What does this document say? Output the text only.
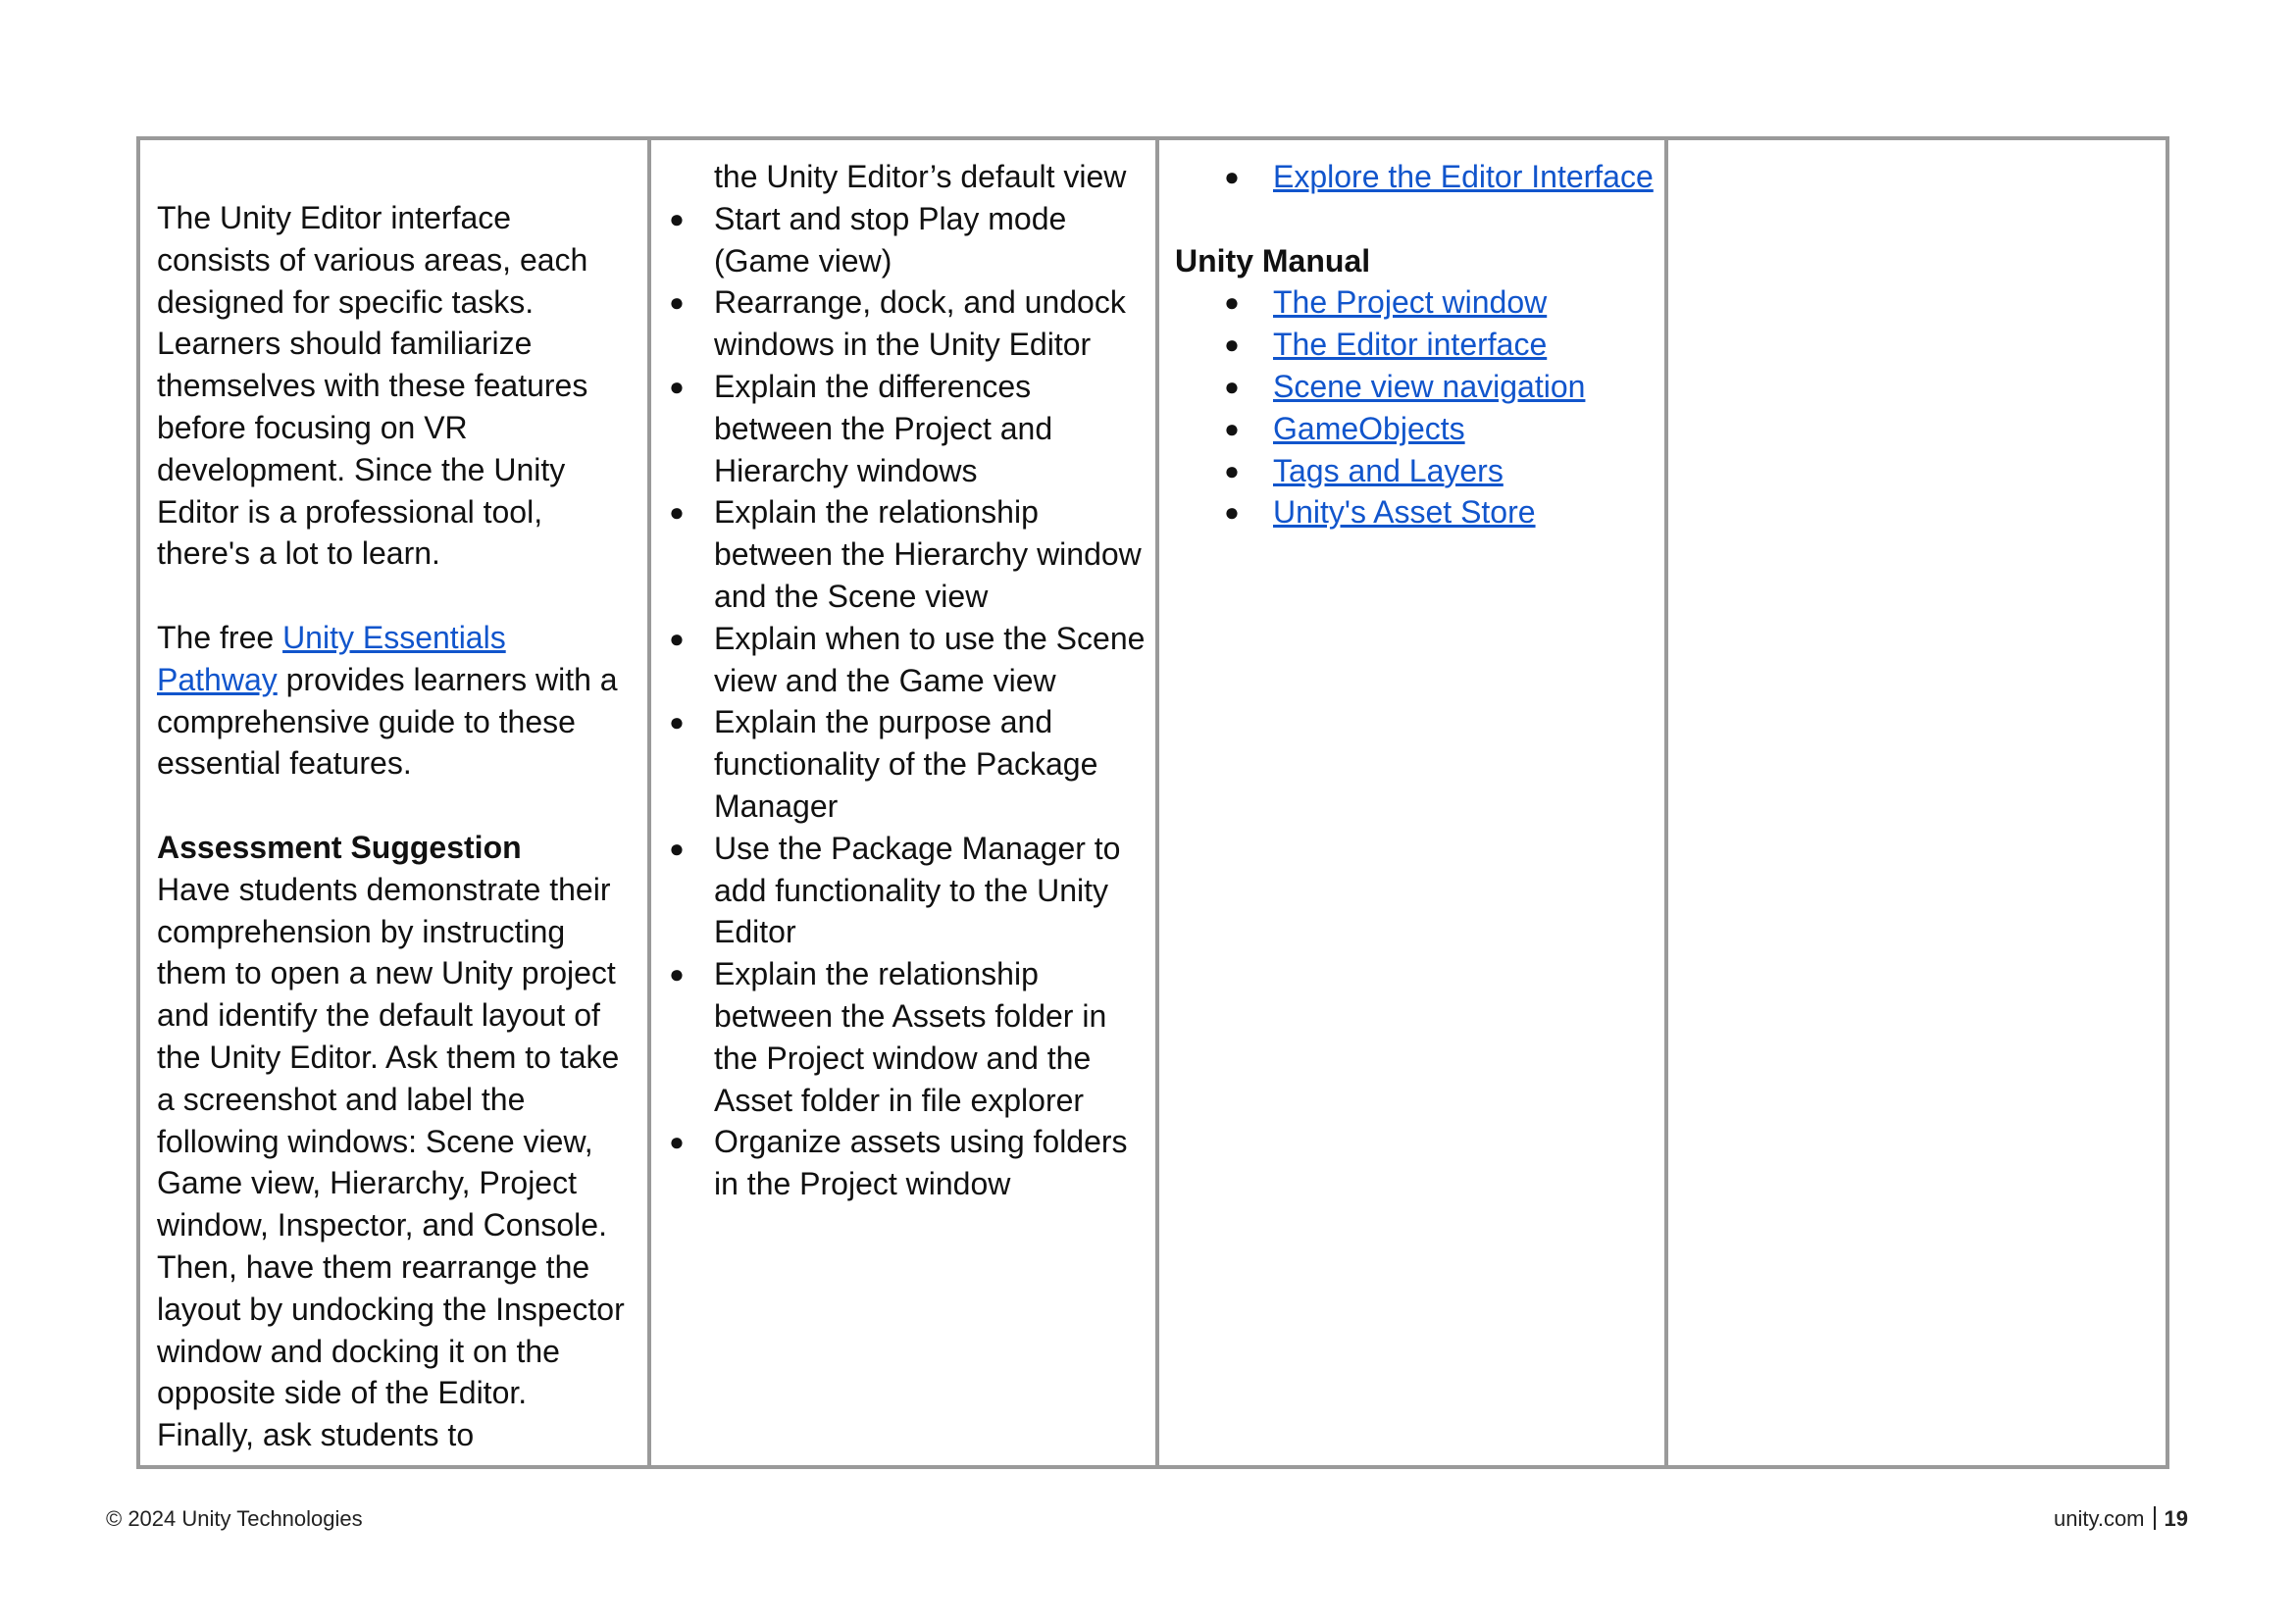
The Unity Editor interface consists of various areas, each designed for specific tasks. Learners should familiarize themselves with these features before focusing on VR development. Since the Unity Editor is a professional tool, there's a lot to learn.

The free Unity Essentials Pathway provides learners with a comprehensive guide to these essential features.

Assessment Suggestion

Have students demonstrate their comprehension by instructing them to open a new Unity project and identify the default layout of the Unity Editor. Ask them to take a screenshot and label the following windows: Scene view, Game view, Hierarchy, Project window, Inspector, and Console. Then, have them rearrange the layout by undocking the Inspector window and docking it on the opposite side of the Editor. Finally, ask students to

the Unity Editor’s default view

● Start and stop Play mode (Game view)
● Rearrange, dock, and undock windows in the Unity Editor
● Explain the differences between the Project and Hierarchy windows
● Explain the relationship between the Hierarchy window and the Scene view
● Explain when to use the Scene view and the Game view
● Explain the purpose and functionality of the Package Manager
● Use the Package Manager to add functionality to the Unity Editor
● Explain the relationship between the Assets folder in the Project window and the Asset folder in file explorer
● Organize assets using folders in the Project window
● Explore the Editor Interface

Unity Manual

● The Project window
● The Editor interface
● Scene view navigation
● GameObjects
● Tags and Layers
● Unity's Asset Store
© 2024 Unity Technologies	unity.com 19
